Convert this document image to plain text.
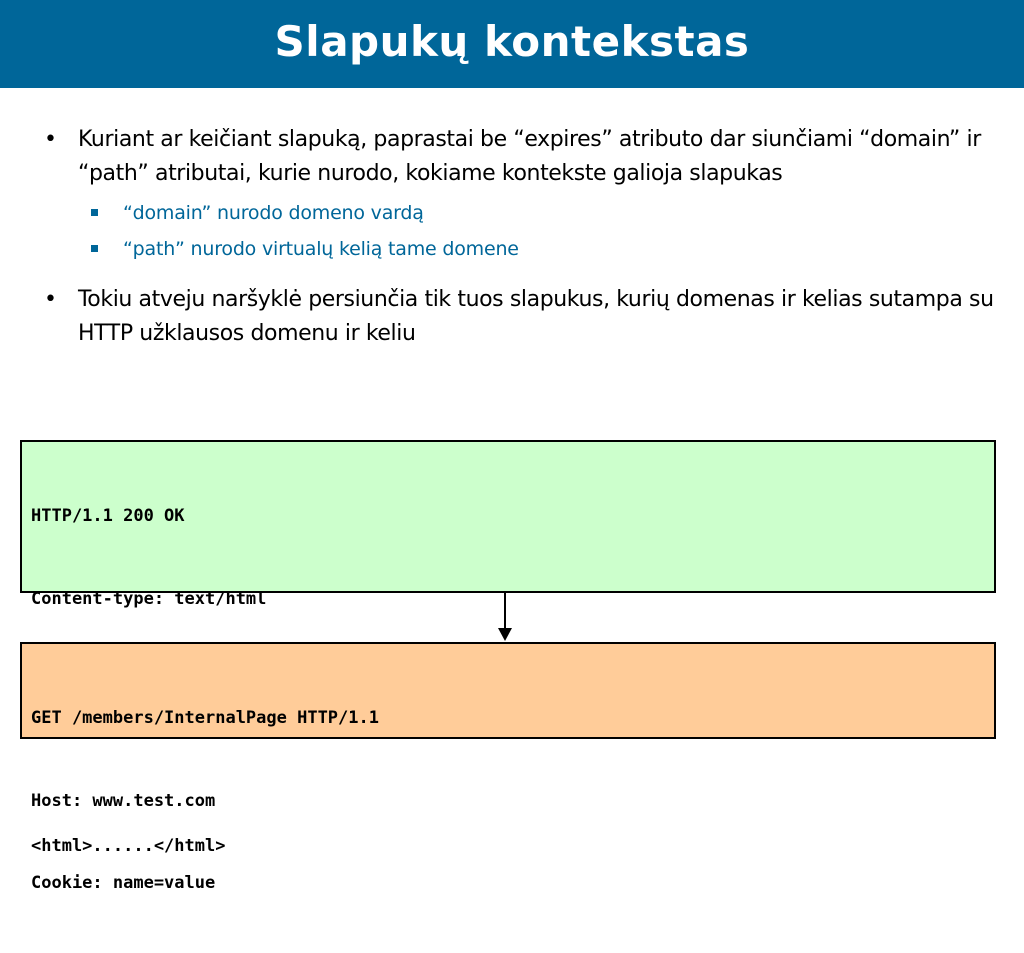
Slapukų kontekstas
• Kuriant ar keičiant slapuką, paprastai be “expires” atributo dar siunčiami “domain” ir “path” atributai, kurie nurodo, kokiame kontekste galioja slapukas
“domain” nurodo domeno vardą
“path” nurodo virtualų kelią tame domene
• Tokiu atveju naršyklė persiunčia tik tuos slapukus, kurių domenas ir kelias sutampa su HTTP užklausos domenu ir keliu

HTTP/1.1 200 OK

Content-type: text/html

<html>......</html>

GET /members/InternalPage HTTP/1.1

Host: www.test.com

Cookie: name=value
